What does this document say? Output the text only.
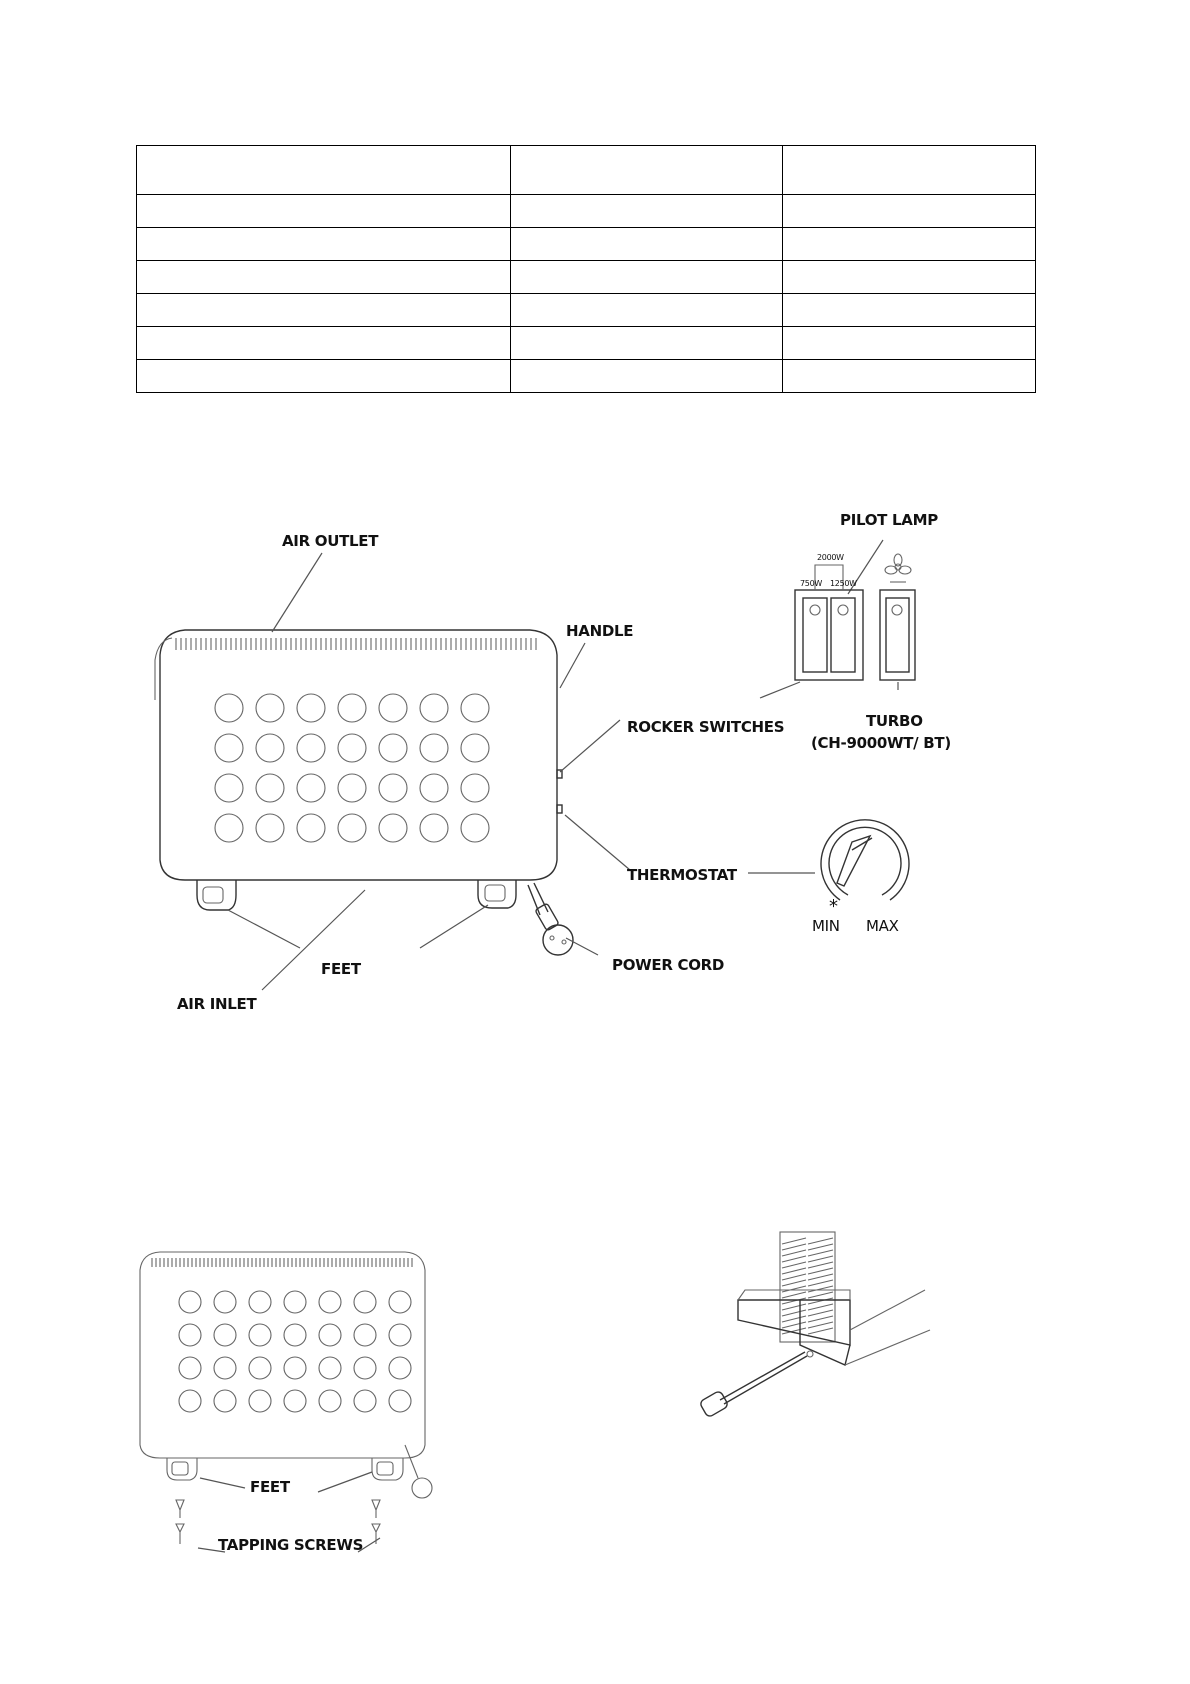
AIR OUTLET
HANDLE
ROCKER SWITCHES
THERMOSTAT
POWER CORD
FEET
AIR INLET
PILOT LAMP
TURBO
(CH-9000WT/ BT)
MIN MAX
*
2000W
750W 1250W
FEET
TAPPING SCREWS
